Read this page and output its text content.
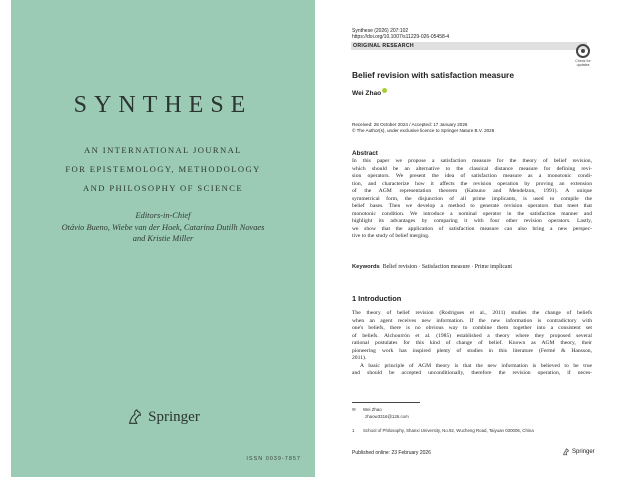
SYNTHESE
AN INTERNATIONAL JOURNAL
FOR EPISTEMOLOGY, METHODOLOGY
AND PHILOSOPHY OF SCIENCE
Editors-in-Chief
Otávio Bueno, Wiebe van der Hoek, Catarina Dutilh Novaes
and Kristie Miller
Springer
ISSN 0039-7857
Synthese (2026) 207:102
https://doi.org/10.1007/s11229-026-05458-4
ORIGINAL RESEARCH
Check for
updates
Belief revision with satisfaction measure
Wei Zhao
Received: 28 October 2024 / Accepted: 17 January 2026
© The Author(s), under exclusive licence to Springer Nature B.V. 2026
Abstract
In this paper we propose a satisfaction measure for the theory of belief revision,
which should be an alternative to the classical distance measure for defining revi-
sion operators. We present the idea of satisfaction measure as a monotonic condi-
tion, and characterize how it affects the revision operation by proving an extension
of the AGM representation theorem (Katsuno and Mendelzon, 1991). A unique
symmetrical form, the disjunction of all prime implicants, is used to compile the
belief bases. Then we develop a method to generate revision operators that meet that
monotonic condition. We introduce a nominal operator in the satisfaction manner and
highlight its advantages by comparing it with four other revision operators. Lastly,
we show that the application of satisfaction measure can also bring a new perspec-
tive to the study of belief merging.
Keywords Belief revision · Satisfaction measure · Prime implicant
1 Introduction
The theory of belief revision (Rodrigues et al., 2011) studies the change of beliefs
when an agent receives new information. If the new information is contradictory with
one's beliefs, there is no obvious way to combine them together into a consistent set
of beliefs. Alchourrón et al. (1985) established a theory where they proposed several
rational postulates for this kind of change of belief. Known as AGM theory, their
pioneering work has inspired plenty of studies in this literature (Fermé & Hansson,
2011).
A basic principle of AGM theory is that the new information is believed to be true
and should be accepted unconditionally, therefore the revision operation, if neces-
✉ Wei Zhao
zhaow3316@126.com
1 School of Philosophy, Shanxi University, No.92, Wucheng Road, Taiyuan 030006, China
Published online: 23 February 2026	Springer
